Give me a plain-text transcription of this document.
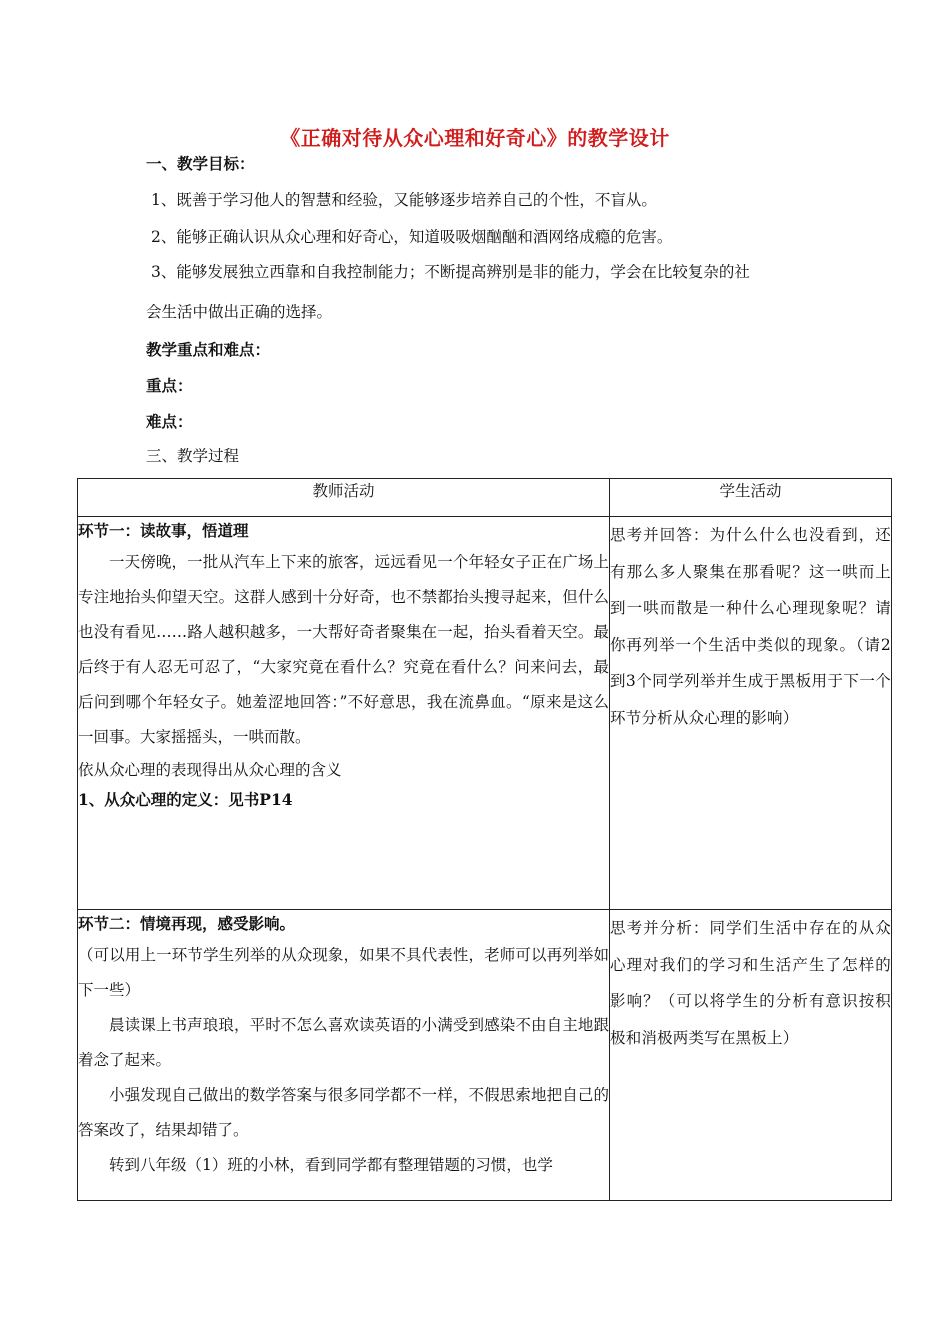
《正确对待从众心理和好奇心》的教学设计

一、教学目标：

1、既善于学习他人的智慧和经验，又能够逐步培养自己的个性，不盲从。

2、能够正确认识从众心理和好奇心，知道吸吸烟酗酗和酒网络成瘾的危害。

3、能够发展独立西靠和自我控制能力；不断提高辨别是非的能力，学会在比较复杂的社

会生活中做出正确的选择。

教学重点和难点：

重点：

难点：

三、教学过程

教师活动	学生活动

环节一：读故事，悟道理

一天傍晚，一批从汽车上下来的旅客，远远看见一个年轻女子正在广场上专注地抬头仰望天空。这群人感到十分好奇，也不禁都抬头搜寻起来，但什么也没有看见……路人越积越多，一大帮好奇者聚集在一起，抬头看着天空。最后终于有人忍无可忍了，“大家究竟在看什么？究竟在看什么？问来问去，最后问到哪个年轻女子。她羞涩地回答：”不好意思，我在流鼻血。“原来是这么一回事。大家摇摇头，一哄而散。

依从众心理的表现得出从众心理的含义

1、从众心理的定义：见书P14	思考并回答：为什么什么也没看到，还有那么多人聚集在那看呢？这一哄而上到一哄而散是一种什么心理现象呢？请你再列举一个生活中类似的现象。（请2到3个同学列举并生成于黑板用于下一个环节分析从众心理的影响）

环节二：情境再现，感受影响。

（可以用上一环节学生列举的从众现象，如果不具代表性，老师可以再列举如下一些）

晨读课上书声琅琅，平时不怎么喜欢读英语的小满受到感染不由自主地跟着念了起来。

小强发现自己做出的数学答案与很多同学都不一样，不假思索地把自己的答案改了，结果却错了。

转到八年级（1）班的小林，看到同学都有整理错题的习惯，也学	思考并分析：同学们生活中存在的从众心理对我们的学习和生活产生了怎样的影响？（可以将学生的分析有意识按积极和消极两类写在黑板上）
